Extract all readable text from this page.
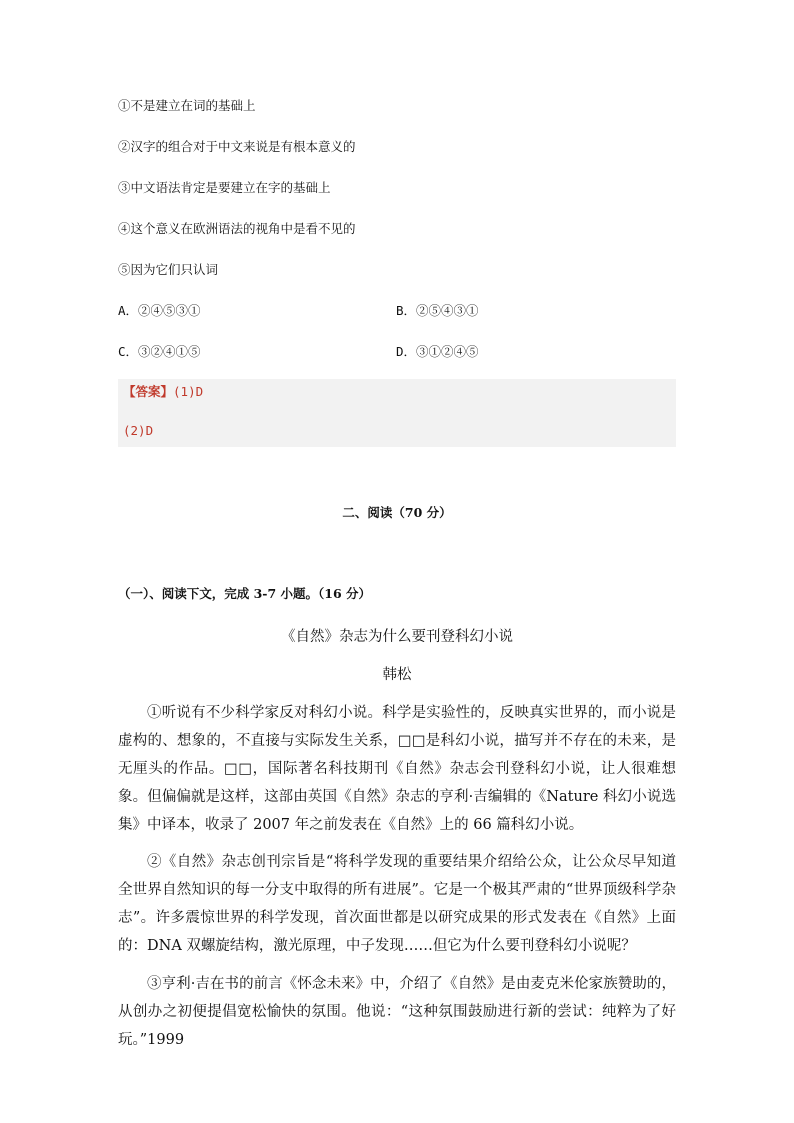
①不是建立在词的基础上
②汉字的组合对于中文来说是有根本意义的
③中文语法肯定是要建立在字的基础上
④这个意义在欧洲语法的视角中是看不见的
⑤因为它们只认词
A．②④⑤③①	B．②⑤④③①
C．③②④①⑤	D．③①②④⑤
【答案】(1)D
(2)D
二、阅读（70 分）
（一）、阅读下文，完成 3-7 小题。（16 分）
《自然》杂志为什么要刊登科幻小说
韩松

①听说有不少科学家反对科幻小说。科学是实验性的，反映真实世界的，而小说是虚构的、想象的，不直接与实际发生关系，□□是科幻小说，描写并不存在的未来，是无厘头的作品。□□，国际著名科技期刊《自然》杂志会刊登科幻小说，让人很难想象。但偏偏就是这样，这部由英国《自然》杂志的亨利·吉编辑的《Nature 科幻小说选集》中译本，收录了 2007 年之前发表在《自然》上的 66 篇科幻小说。

②《自然》杂志创刊宗旨是“将科学发现的重要结果介绍给公众，让公众尽早知道全世界自然知识的每一分支中取得的所有进展”。它是一个极其严肃的“世界顶级科学杂志”。许多震惊世界的科学发现，首次面世都是以研究成果的形式发表在《自然》上面的：DNA 双螺旋结构，激光原理，中子发现……但它为什么要刊登科幻小说呢？

③亨利·吉在书的前言《怀念未来》中，介绍了《自然》是由麦克米伦家族赞助的，从创办之初便提倡宽松愉快的氛围。他说：“这种氛围鼓励进行新的尝试：纯粹为了好玩。”1999
